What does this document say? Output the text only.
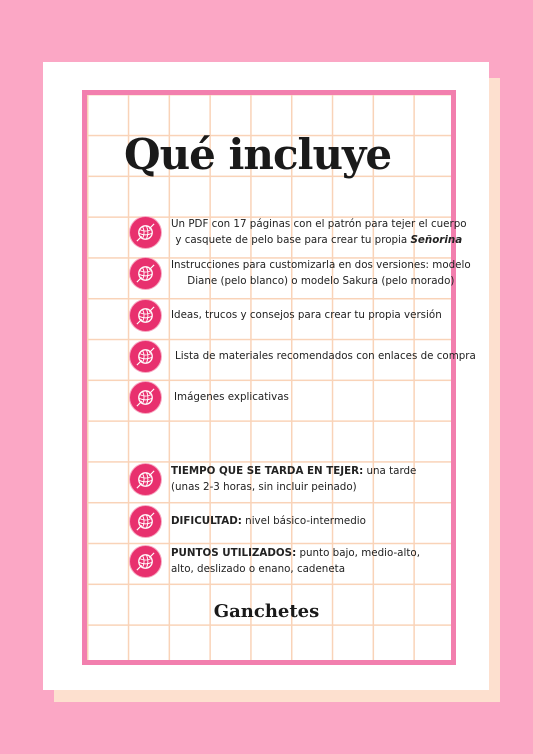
Qué incluye
Un PDF con 17 páginas con el patrón para tejer el cuerpo
y casquete de pelo base para crear tu propia Señorina
Instrucciones para customizarla en dos versiones: modelo
Diane (pelo blanco) o modelo Sakura (pelo morado)
Ideas, trucos y consejos para crear tu propia versión
Lista de materiales recomendados con enlaces de compra
Imágenes explicativas
TIEMPO QUE SE TARDA EN TEJER: una tarde
(unas 2-3 horas, sin incluir peinado)
DIFICULTAD: nivel básico-intermedio
PUNTOS UTILIZADOS: punto bajo, medio-alto,
alto, deslizado o enano, cadeneta
Ganchetes
